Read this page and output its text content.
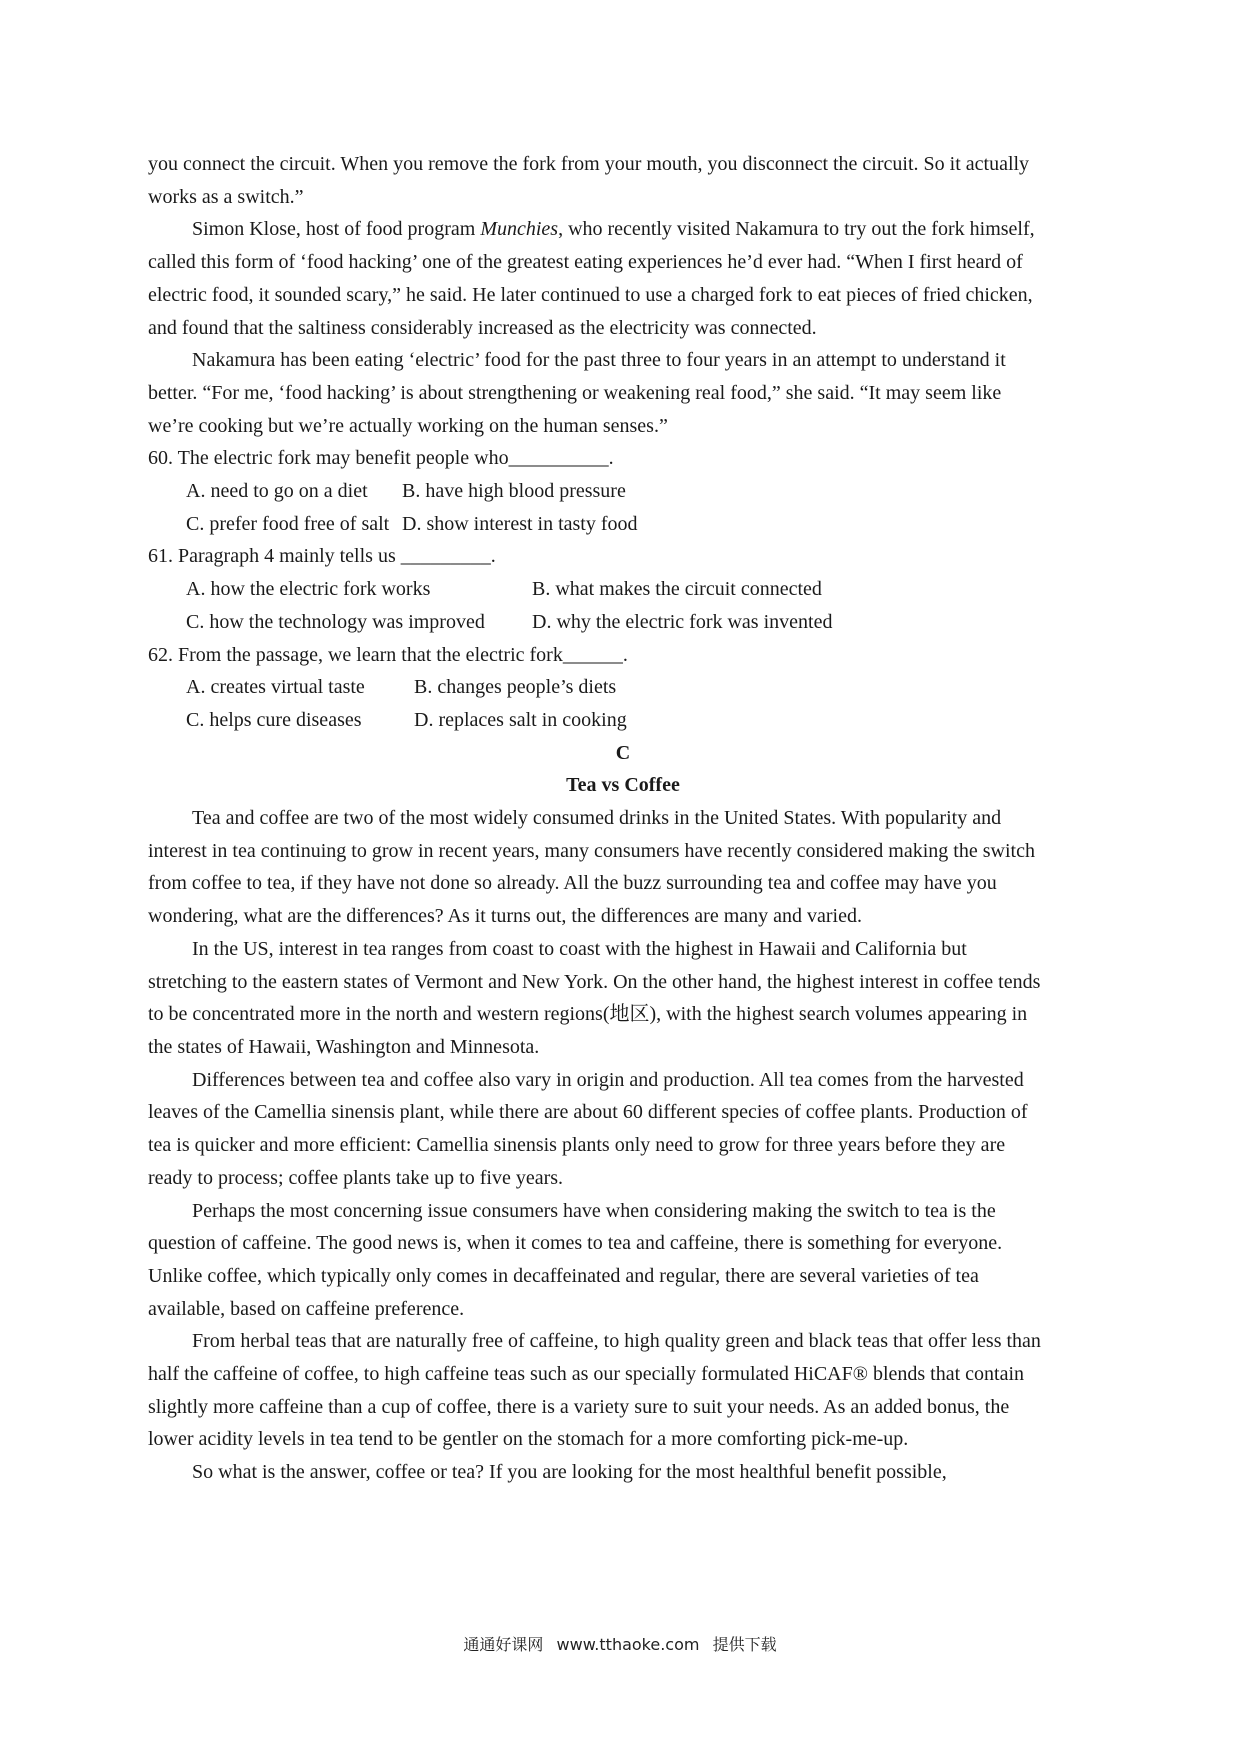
you connect the circuit. When you remove the fork from your mouth, you disconnect the circuit. So it actually works as a switch.”

Simon Klose, host of food program Munchies, who recently visited Nakamura to try out the fork himself, called this form of ‘food hacking’ one of the greatest eating experiences he’d ever had. “When I first heard of electric food, it sounded scary,” he said. He later continued to use a charged fork to eat pieces of fried chicken, and found that the saltiness considerably increased as the electricity was connected.

Nakamura has been eating ‘electric’ food for the past three to four years in an attempt to understand it better. “For me, ‘food hacking’ is about strengthening or weakening real food,” she said. “It may seem like we’re cooking but we’re actually working on the human senses.”

60. The electric fork may benefit people who__________.
A. need to go on a diet B. have high blood pressure
C. prefer food free of salt D. show interest in tasty food
61. Paragraph 4 mainly tells us _________.
A. how the electric fork works	B. what makes the circuit connected
C. how the technology was improved D. why the electric fork was invented
62. From the passage, we learn that the electric fork______.
A. creates virtual taste B. changes people’s diets
C. helps cure diseases	D. replaces salt in cooking
C
Tea vs Coffee

Tea and coffee are two of the most widely consumed drinks in the United States. With popularity and interest in tea continuing to grow in recent years, many consumers have recently considered making the switch from coffee to tea, if they have not done so already. All the buzz surrounding tea and coffee may have you wondering, what are the differences? As it turns out, the differences are many and varied.

In the US, interest in tea ranges from coast to coast with the highest in Hawaii and California but stretching to the eastern states of Vermont and New York. On the other hand, the highest interest in coffee tends to be concentrated more in the north and western regions(地区), with the highest search volumes appearing in the states of Hawaii, Washington and Minnesota.

Differences between tea and coffee also vary in origin and production. All tea comes from the harvested leaves of the Camellia sinensis plant, while there are about 60 different species of coffee plants. Production of tea is quicker and more efficient: Camellia sinensis plants only need to grow for three years before they are ready to process; coffee plants take up to five years.

Perhaps the most concerning issue consumers have when considering making the switch to tea is the question of caffeine. The good news is, when it comes to tea and caffeine, there is something for everyone. Unlike coffee, which typically only comes in decaffeinated and regular, there are several varieties of tea available, based on caffeine preference.

From herbal teas that are naturally free of caffeine, to high quality green and black teas that offer less than half the caffeine of coffee, to high caffeine teas such as our specially formulated HiCAF® blends that contain slightly more caffeine than a cup of coffee, there is a variety sure to suit your needs. As an added bonus, the lower acidity levels in tea tend to be gentler on the stomach for a more comforting pick-me-up.

So what is the answer, coffee or tea? If you are looking for the most healthful benefit possible,

通通好课网 www.tthaoke.com 提供下载
